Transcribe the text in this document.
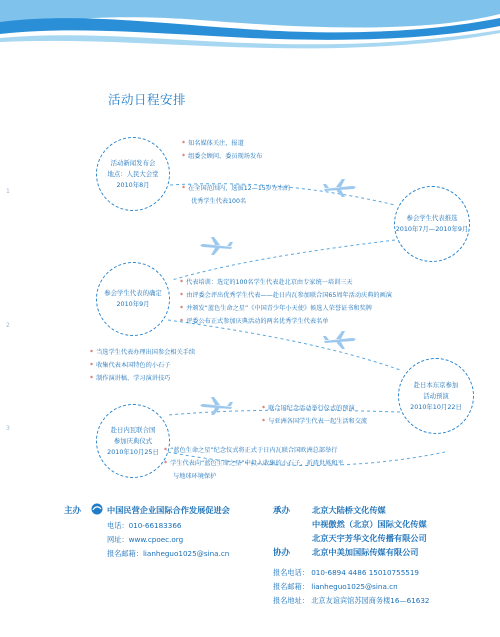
活动日程安排
1
2
3
活动新闻发布会
地点：人民大会堂
2010年8月
参会学生代表推选
2010年7月—2010年9月
参会学生代表的确定
2010年9月
赴日本东京参加
活动预演
2010年10月22日
赴日内瓦联合国
参加庆典仪式
2010年10月25日
* 知名媒体关注，报道
* 组委会顾问、委员现场发布
* 在全国范围内，选拔12—15岁左右的
优秀学生代表100名
* 代表培训：选定的100名学生代表赴北京由专家统一培训三天
* 由评委会评出优秀学生代表——赴日内瓦参加联合国65周年活动庆典的画演
* 并颁发“蓝色生命之星”《中国青少年小天使》候选人荣誉证书和奖牌
* 评委公布正式参加庆典活动的两名优秀学生代表名单
* 当选学生代表办理出国参会相关手续
* 收集代表本国特色的小石子
* 制作演讲稿、学习演讲技巧
* 联合国纪念活动举行仪式的预演
* 与亚洲各国学生代表一起生活和交流
* “蓝色生命之星”纪念仪式将正式于日内瓦联合国欧洲总部举行
* 学生代表向“蓝色生命之星”中投入收集的小石子，祈祷世界和平
与地球环境保护
主办	中国民营企业国际合作发展促进会
电话：010-66183366
网址：www.cpoec.org
报名邮箱：lianheguo1025@sina.cn
承办	北京大陆桥文化传媒
中视傲然（北京）国际文化传媒
北京天宇芳华文化传播有限公司
协办	北京中美加国际传媒有限公司
报名电话： 010-6894 4486 15010755519
报名邮箱： lianheguo1025@sina.cn
报名地址： 北京友谊宾馆苏园商务楼16—61632
